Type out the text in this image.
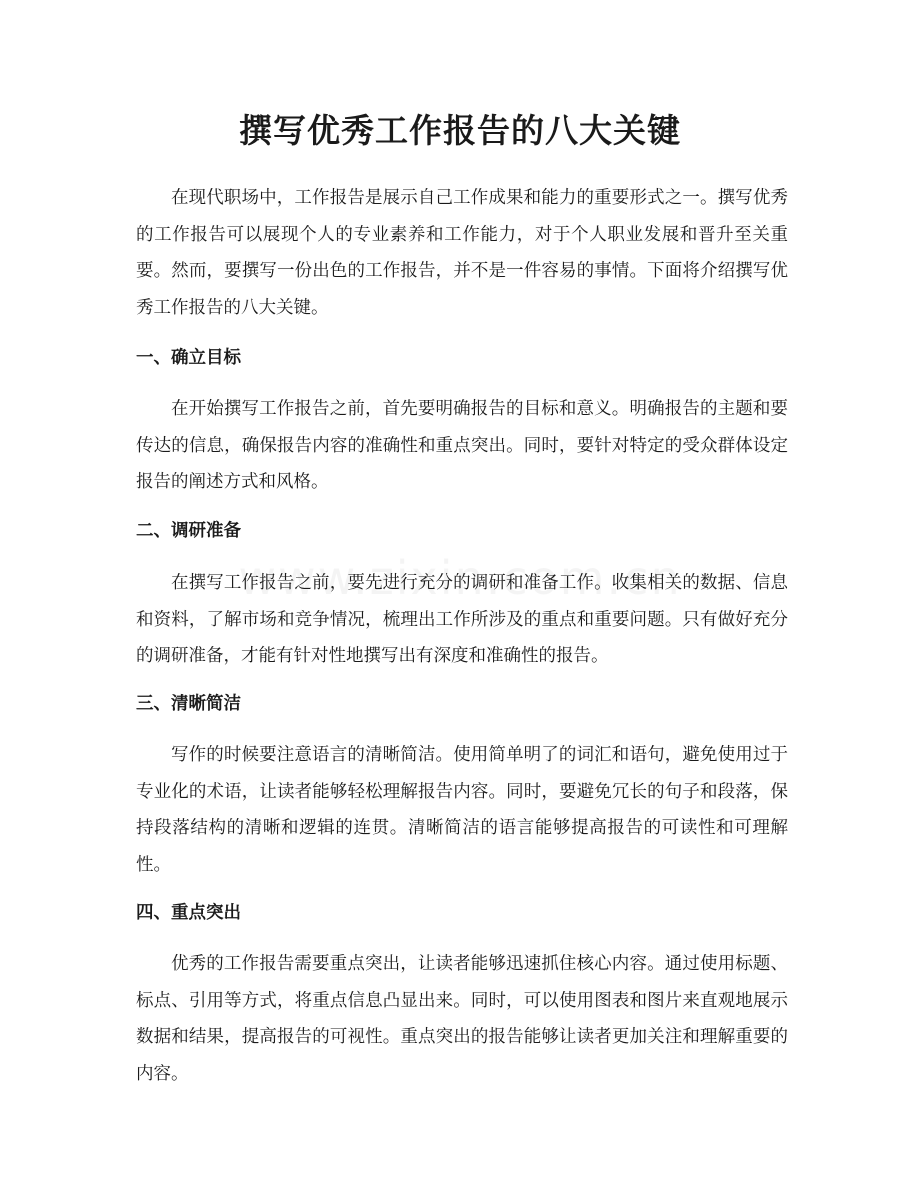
撰写优秀工作报告的八大关键

在现代职场中，工作报告是展示自己工作成果和能力的重要形式之一。撰写优秀的工作报告可以展现个人的专业素养和工作能力，对于个人职业发展和晋升至关重要。然而，要撰写一份出色的工作报告，并不是一件容易的事情。下面将介绍撰写优秀工作报告的八大关键。

一、确立目标

在开始撰写工作报告之前，首先要明确报告的目标和意义。明确报告的主题和要传达的信息，确保报告内容的准确性和重点突出。同时，要针对特定的受众群体设定报告的阐述方式和风格。

二、调研准备

在撰写工作报告之前，要先进行充分的调研和准备工作。收集相关的数据、信息和资料，了解市场和竞争情况，梳理出工作所涉及的重点和重要问题。只有做好充分的调研准备，才能有针对性地撰写出有深度和准确性的报告。

三、清晰简洁

写作的时候要注意语言的清晰简洁。使用简单明了的词汇和语句，避免使用过于专业化的术语，让读者能够轻松理解报告内容。同时，要避免冗长的句子和段落，保持段落结构的清晰和逻辑的连贯。清晰简洁的语言能够提高报告的可读性和可理解性。

四、重点突出

优秀的工作报告需要重点突出，让读者能够迅速抓住核心内容。通过使用标题、标点、引用等方式，将重点信息凸显出来。同时，可以使用图表和图片来直观地展示数据和结果，提高报告的可视性。重点突出的报告能够让读者更加关注和理解重要的内容。
